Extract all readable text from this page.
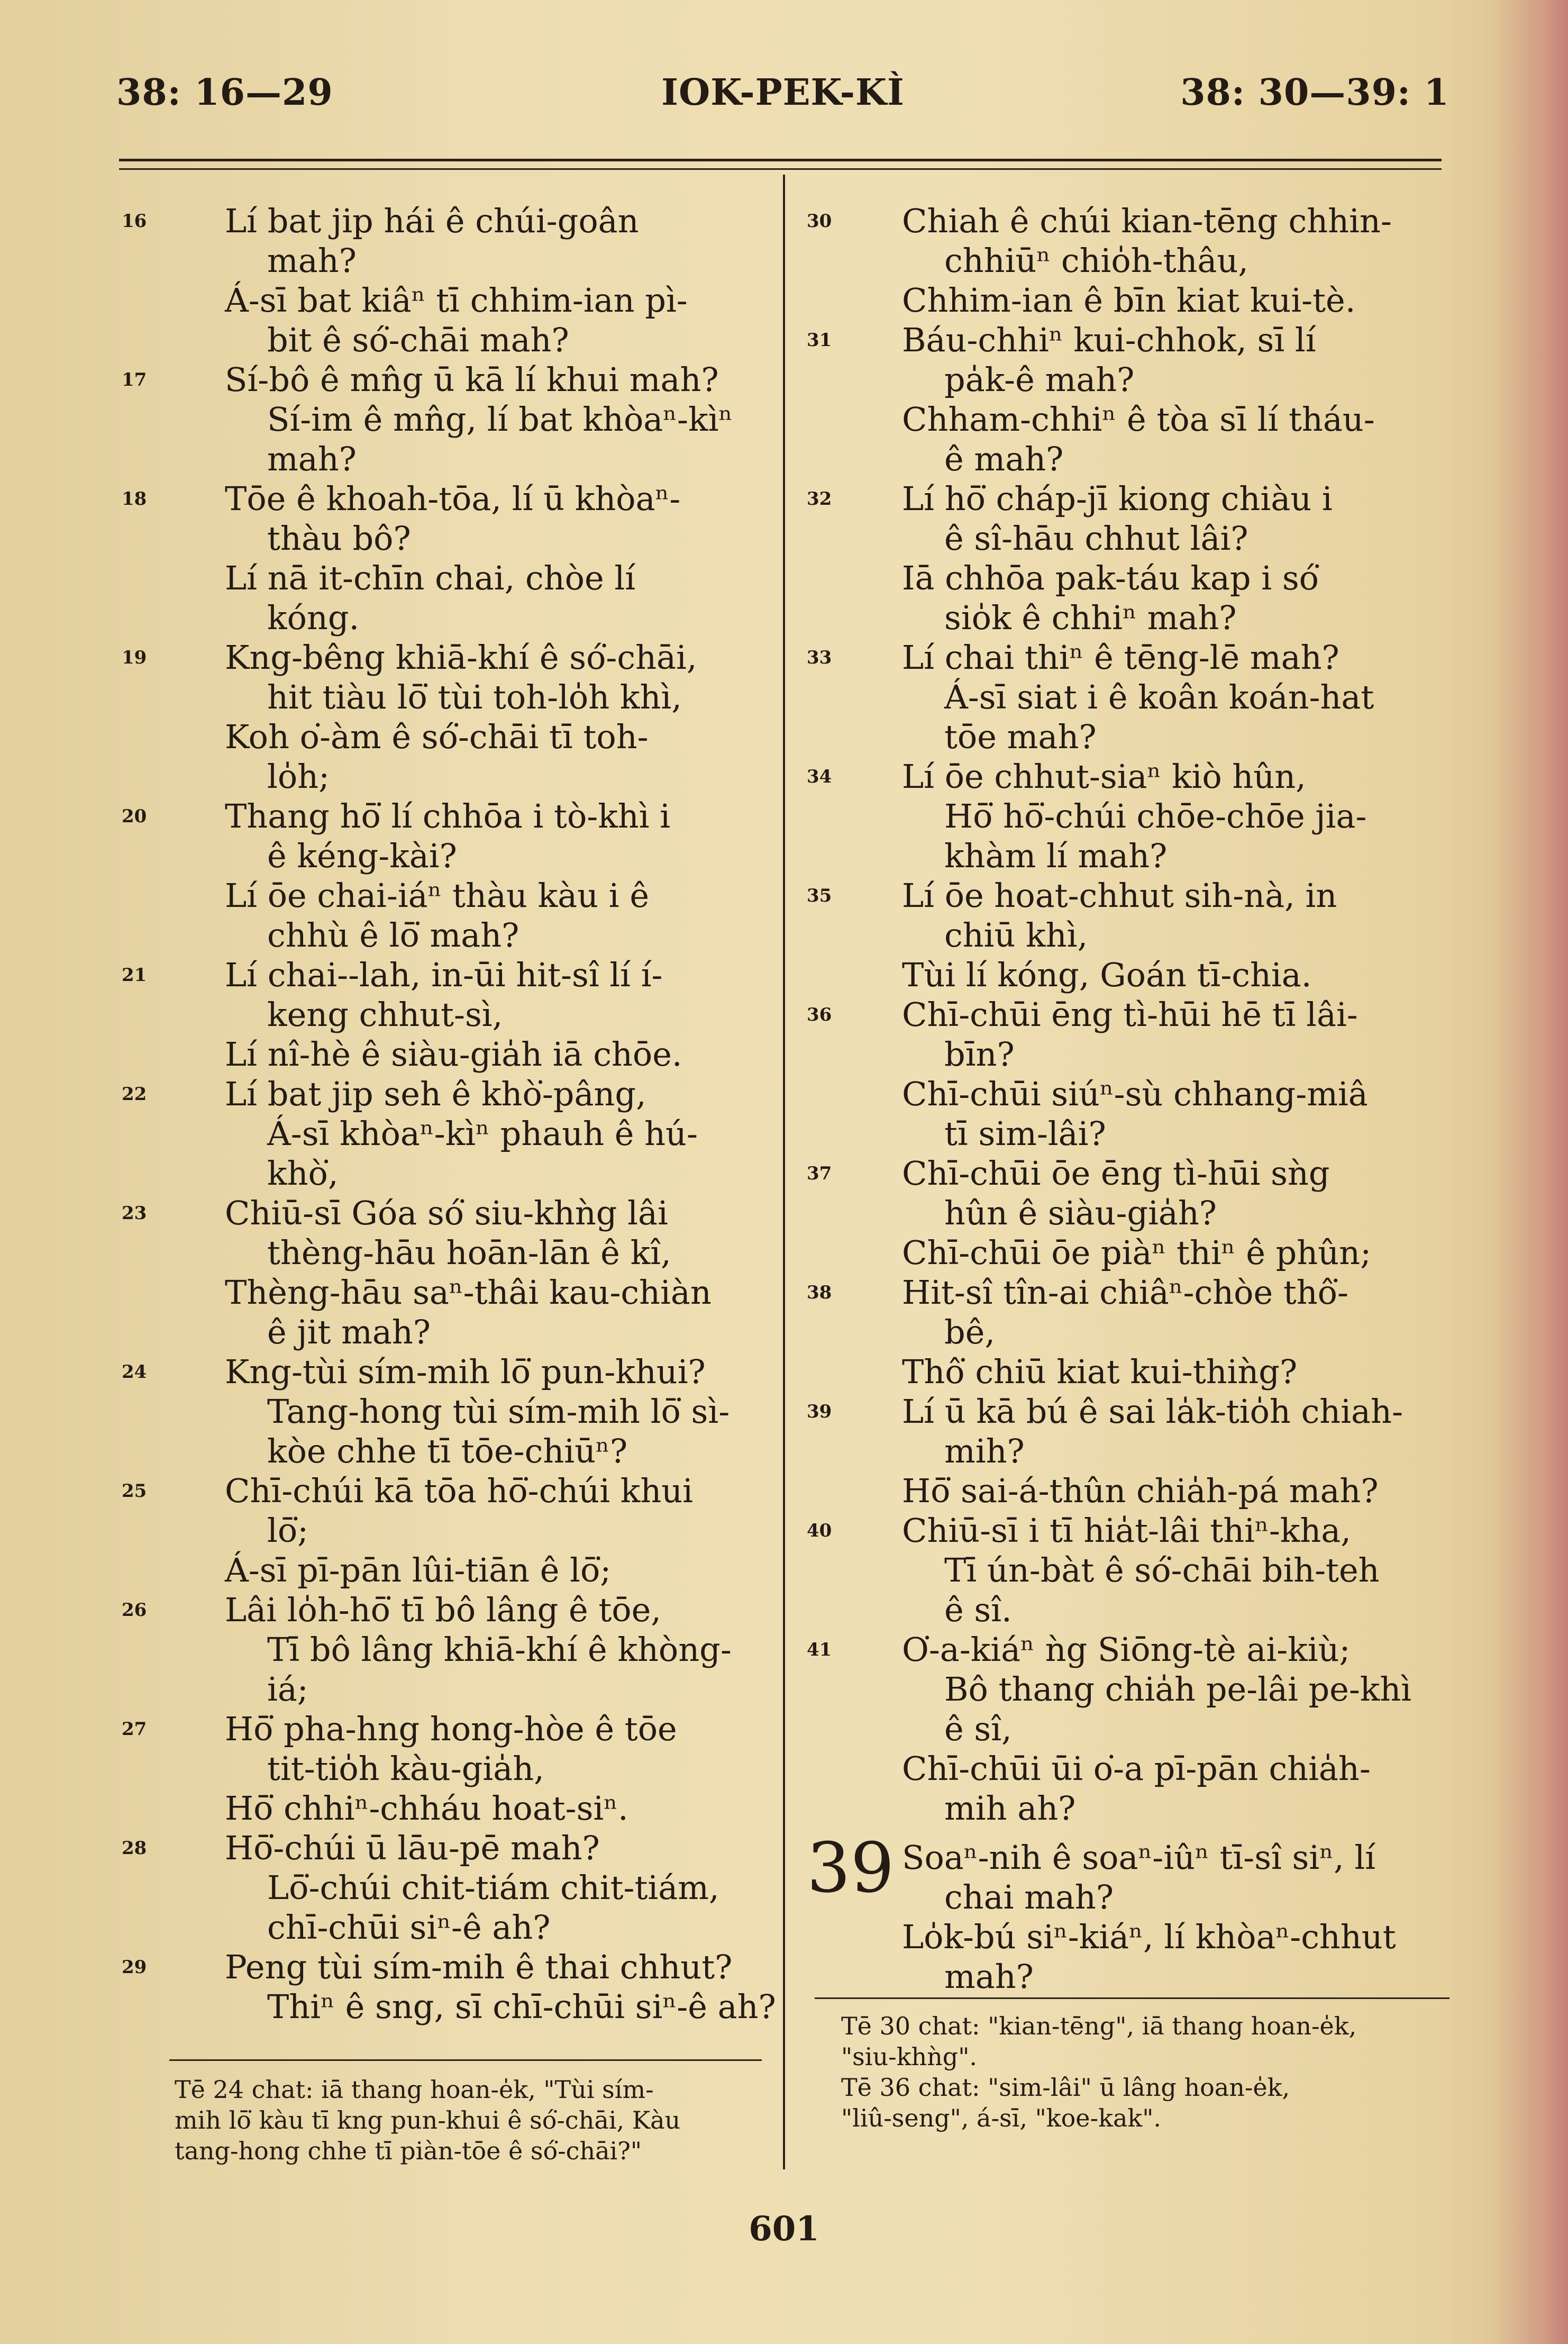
IOK-PEK-KÌ
38: 16—29	38: 30—39: 1
16	Lí bat jip hái ê chúi-goân
mah?
Á-sī bat kiâⁿ tī chhim-ian pì-
bit ê só͘-chāi mah?
17	Sí-bô ê mn̂g ū kā lí khui mah?
Sí-im ê mn̂g, lí bat khòaⁿ-kìⁿ
mah?
18	Tōe ê khoah-tōa, lí ū khòaⁿ-
thàu bô?
Lí nā it-chīn chai, chòe lí
kóng.
19	Kng-bêng khiā-khí ê só͘-chāi,
hit tiàu lō͘ tùi toh-lo̍h khì,
Koh o͘-àm ê só͘-chāi tī toh-
lo̍h;
20	Thang hō͘ lí chhōa i tò-khì i
ê kéng-kài?
Lí ōe chai-iáⁿ thàu kàu i ê
chhù ê lō͘ mah?
21	Lí chai--lah, in-ūi hit-sî lí í-
keng chhut-sì,
Lí nî-hè ê siàu-gia̍h iā chōe.
22	Lí bat jip seh ê khò͘-pâng,
Á-sī khòaⁿ-kìⁿ phauh ê hú-
khò͘,
23	Chiū-sī Góa só͘ siu-khǹg lâi
thèng-hāu hoān-lān ê kî,
Thèng-hāu saⁿ-thâi kau-chiàn
ê jit mah?
24	Kng-tùi sím-mih lō͘ pun-khui?
Tang-hong tùi sím-mih lō͘ sì-
kòe chhe tī tōe-chiūⁿ?
25	Chī-chúi kā tōa hō͘-chúi khui
lō͘;
Á-sī pī-pān lûi-tiān ê lō͘;
26	Lâi lo̍h-hō͘ tī bô lâng ê tōe,
Tī bô lâng khiā-khí ê khòng-
iá;
27	Hō͘ pha-hng hong-hòe ê tōe
tit-tio̍h kàu-gia̍h,
Hō͘ chhiⁿ-chháu hoat-siⁿ.
28	Hō͘-chúi ū lāu-pē mah?
Lō͘-chúi chit-tiám chit-tiám,
chī-chūi siⁿ-ê ah?
29	Peng tùi sím-mih ê thai chhut?
Thiⁿ ê sng, sī chī-chūi siⁿ-ê ah?
30	Chiah ê chúi kian-tēng chhin-
chhiūⁿ chio̍h-thâu,
Chhim-ian ê bīn kiat kui-tè.
31	Báu-chhiⁿ kui-chhok, sī lí
pa̍k-ê mah?
Chham-chhiⁿ ê tòa sī lí tháu-
ê mah?
32	Lí hō͘ cháp-jī kiong chiàu i
ê sî-hāu chhut lâi?
Iā chhōa pak-táu kap i só͘
sio̍k ê chhiⁿ mah?
33	Lí chai thiⁿ ê tēng-lē mah?
Á-sī siat i ê koân koán-hat
tōe mah?
34	Lí ōe chhut-siaⁿ kiò hûn,
Hō͘ hō͘-chúi chōe-chōe jia-
khàm lí mah?
35	Lí ōe hoat-chhut sih-nà, in
chiū khì,
Tùi lí kóng, Goán tī-chia.
36	Chī-chūi ēng tì-hūi hē tī lâi-
bīn?
Chī-chūi siúⁿ-sù chhang-miâ
tī sim-lâi?
37	Chī-chūi ōe ēng tì-hūi sǹg
hûn ê siàu-gia̍h?
Chī-chūi ōe piàⁿ thiⁿ ê phûn;
38	Hit-sî tîn-ai chiâⁿ-chòe thô͘-
bê,
Thô͘ chiū kiat kui-thiǹg?
39	Lí ū kā bú ê sai la̍k-tio̍h chiah-
mih?
Hō͘ sai-á-thûn chia̍h-pá mah?
40	Chiū-sī i tī hia̍t-lâi thiⁿ-kha,
Tī ún-bàt ê só͘-chāi bih-teh
ê sî.
41	O͘-a-kiáⁿ ǹg Siōng-tè ai-kiù;
Bô thang chia̍h pe-lâi pe-khì
ê sî,
Chī-chūi ūi o͘-a pī-pān chia̍h-
mih ah?
39 Soaⁿ-nih ê soaⁿ-iûⁿ tī-sî siⁿ, lí
chai mah?
Lo̍k-bú siⁿ-kiáⁿ, lí khòaⁿ-chhut
mah?
Tē 24 chat: iā thang hoan-e̍k, "Tùi sím-
mih lō͘ kàu tī kng pun-khui ê só͘-chāi, Kàu
tang-hong chhe tī piàn-tōe ê só͘-chāi?"
Tē 30 chat: "kian-tēng", iā thang hoan-e̍k,
"siu-khǹg".
Tē 36 chat: "sim-lâi" ū lâng hoan-e̍k,
"liû-seng", á-sī, "koe-kak".
601
